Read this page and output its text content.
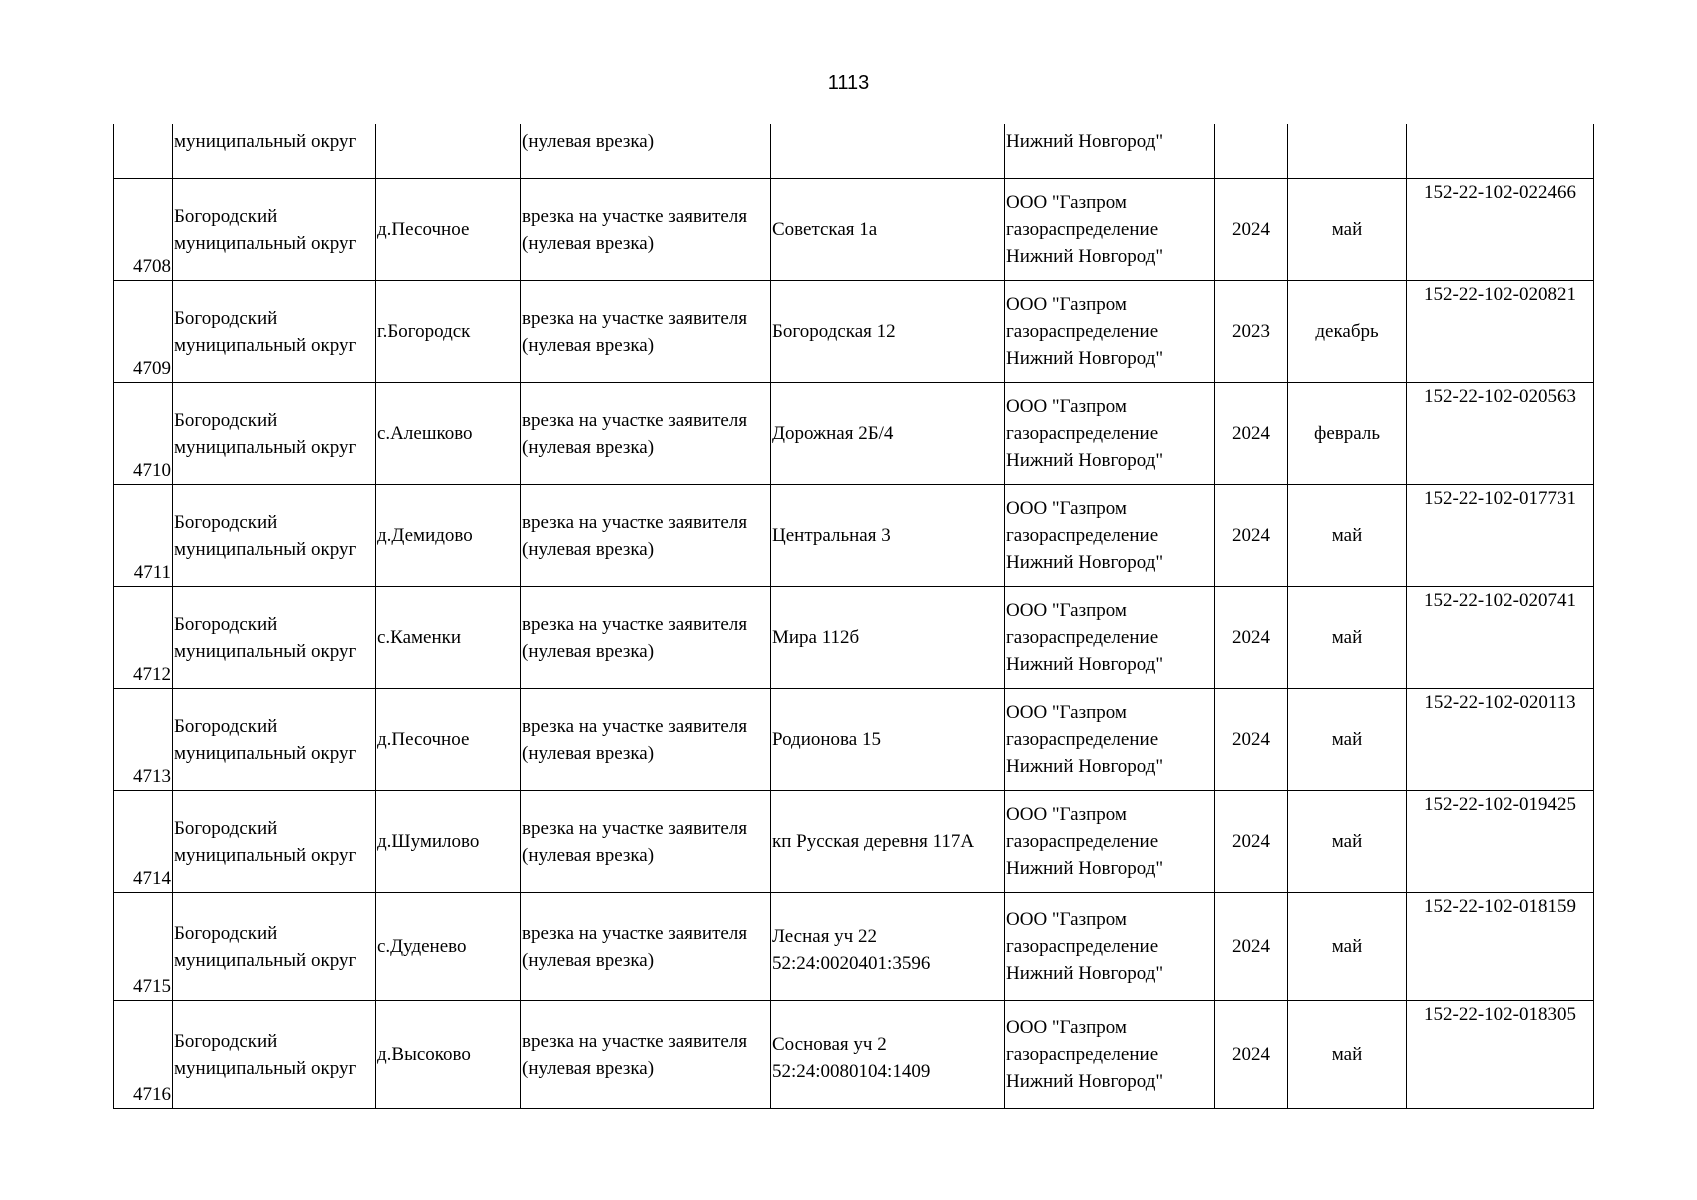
1113
	муниципальный округ		(нулевая врезка)		Нижний Новгород"			
4708	Богородский
муниципальный округ	д.Песочное	врезка на участке заявителя
(нулевая врезка)	Советская 1а	ООО "Газпром
газораспределение
Нижний Новгород"	2024	май	152-22-102-022466
4709	Богородский
муниципальный округ	г.Богородск	врезка на участке заявителя
(нулевая врезка)	Богородская 12	ООО "Газпром
газораспределение
Нижний Новгород"	2023	декабрь	152-22-102-020821
4710	Богородский
муниципальный округ	с.Алешково	врезка на участке заявителя
(нулевая врезка)	Дорожная 2Б/4	ООО "Газпром
газораспределение
Нижний Новгород"	2024	февраль	152-22-102-020563
4711	Богородский
муниципальный округ	д.Демидово	врезка на участке заявителя
(нулевая врезка)	Центральная 3	ООО "Газпром
газораспределение
Нижний Новгород"	2024	май	152-22-102-017731
4712	Богородский
муниципальный округ	с.Каменки	врезка на участке заявителя
(нулевая врезка)	Мира 112б	ООО "Газпром
газораспределение
Нижний Новгород"	2024	май	152-22-102-020741
4713	Богородский
муниципальный округ	д.Песочное	врезка на участке заявителя
(нулевая врезка)	Родионова 15	ООО "Газпром
газораспределение
Нижний Новгород"	2024	май	152-22-102-020113
4714	Богородский
муниципальный округ	д.Шумилово	врезка на участке заявителя
(нулевая врезка)	кп Русская деревня 117А	ООО "Газпром
газораспределение
Нижний Новгород"	2024	май	152-22-102-019425
4715	Богородский
муниципальный округ	с.Дуденево	врезка на участке заявителя
(нулевая врезка)	Лесная уч 22
52:24:0020401:3596	ООО "Газпром
газораспределение
Нижний Новгород"	2024	май	152-22-102-018159
4716	Богородский
муниципальный округ	д.Высоково	врезка на участке заявителя
(нулевая врезка)	Сосновая уч 2
52:24:0080104:1409	ООО "Газпром
газораспределение
Нижний Новгород"	2024	май	152-22-102-018305
